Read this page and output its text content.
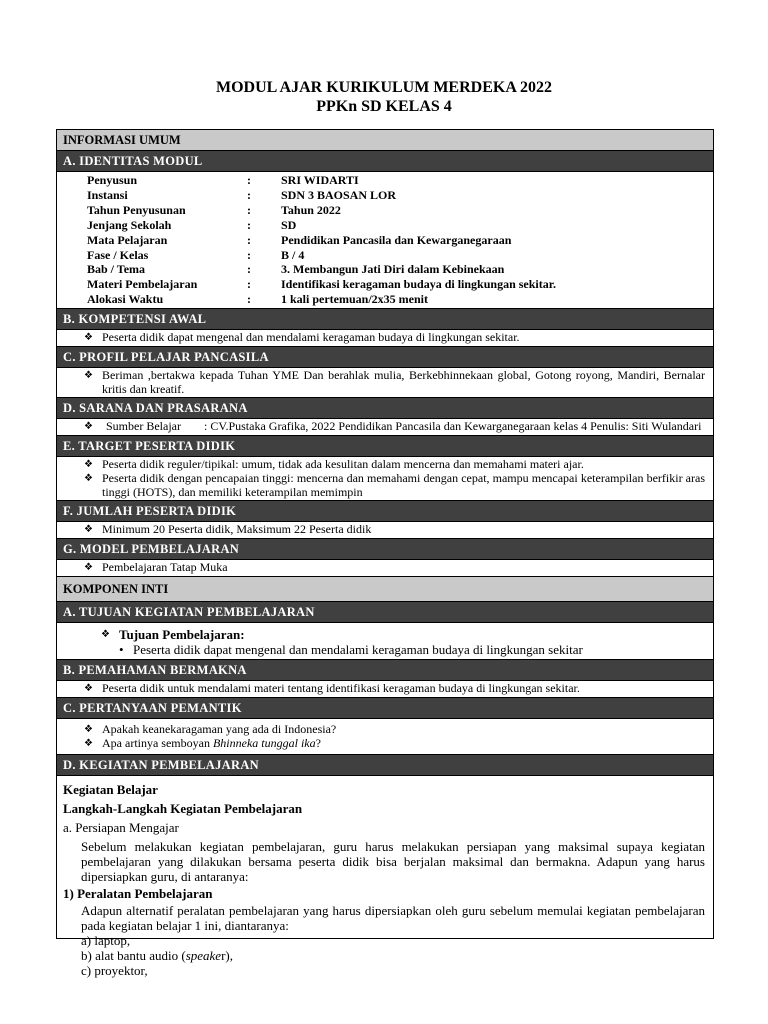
MODUL AJAR KURIKULUM MERDEKA 2022
PPKn SD KELAS 4
INFORMASI UMUM
A. IDENTITAS MODUL
Penyusun	:	SRI WIDARTI
Instansi	:	SDN 3 BAOSAN LOR
Tahun Penyusunan	:	Tahun 2022
Jenjang Sekolah	:	SD
Mata Pelajaran	:	Pendidikan Pancasila dan Kewarganegaraan
Fase / Kelas	:	B / 4
Bab / Tema	:	3. Membangun Jati Diri dalam Kebinekaan
Materi Pembelajaran	:	Identifikasi keragaman budaya di lingkungan sekitar.
Alokasi Waktu	:	1 kali pertemuan/2x35 menit
B. KOMPETENSI AWAL
❖ Peserta didik dapat mengenal dan mendalami keragaman budaya di lingkungan sekitar.
C. PROFIL PELAJAR PANCASILA
❖ Beriman ,bertakwa kepada Tuhan YME Dan berahlak mulia, Berkebhinnekaan global, Gotong royong, Mandiri, Bernalar kritis dan kreatif.
D. SARANA DAN PRASARANA
❖	Sumber Belajar	: CV.Pustaka Grafika, 2022 Pendidikan Pancasila dan Kewarganegaraan kelas 4 Penulis: Siti Wulandari
E. TARGET PESERTA DIDIK
❖ Peserta didik reguler/tipikal: umum, tidak ada kesulitan dalam mencerna dan memahami materi ajar.
❖ Peserta didik dengan pencapaian tinggi: mencerna dan memahami dengan cepat, mampu mencapai keterampilan berfikir aras tinggi (HOTS), dan memiliki keterampilan memimpin
F. JUMLAH PESERTA DIDIK
❖ Minimum 20 Peserta didik, Maksimum 22 Peserta didik
G. MODEL PEMBELAJARAN
❖ Pembelajaran Tatap Muka
KOMPONEN INTI
A. TUJUAN KEGIATAN PEMBELAJARAN
❖ Tujuan Pembelajaran:
• Peserta didik dapat mengenal dan mendalami keragaman budaya di lingkungan sekitar
B. PEMAHAMAN BERMAKNA
❖ Peserta didik untuk mendalami materi tentang identifikasi keragaman budaya di lingkungan sekitar.
C. PERTANYAAN PEMANTIK
❖ Apakah keanekaragaman yang ada di Indonesia?
❖ Apa artinya semboyan Bhinneka tunggal ika?
D. KEGIATAN PEMBELAJARAN

Kegiatan Belajar

Langkah-Langkah Kegiatan Pembelajaran

a. Persiapan Mengajar

Sebelum melakukan kegiatan pembelajaran, guru harus melakukan persiapan yang maksimal supaya kegiatan pembelajaran yang dilakukan bersama peserta didik bisa berjalan maksimal dan bermakna. Adapun yang harus dipersiapkan guru, di antaranya:

1) Peralatan Pembelajaran

Adapun alternatif peralatan pembelajaran yang harus dipersiapkan oleh guru sebelum memulai kegiatan pembelajaran pada kegiatan belajar 1 ini, diantaranya:

a) laptop,

b) alat bantu audio (speaker),

c) proyektor,
